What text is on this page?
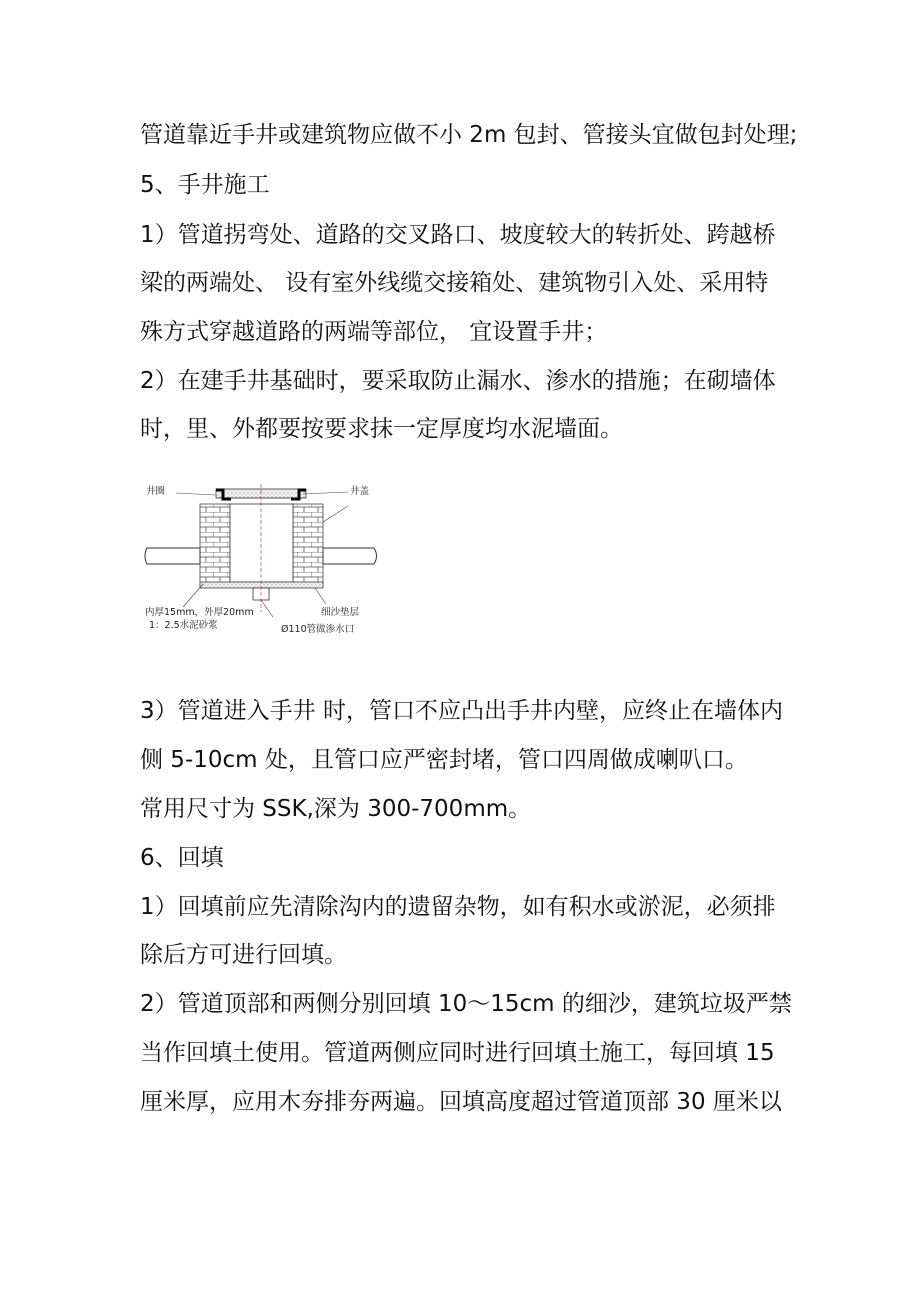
管道靠近手井或建筑物应做不小 2m 包封、管接头宜做包封处理;
5、手井施工
1）管道拐弯处、道路的交叉路口、坡度较大的转折处、跨越桥
梁的两端处、 设有室外线缆交接箱处、建筑物引入处、采用特
殊方式穿越道路的两端等部位， 宜设置手井；
2）在建手井基础时，要采取防止漏水、渗水的措施；在砌墙体
时，里、外都要按要求抹一定厚度均水泥墙面。
井圈	井盖
内厚15mm，外厚20mm
1：2.5水泥砂浆	Ø110管做渗水口
细沙垫层
3）管道进入手井 时，管口不应凸出手井内壁，应终止在墙体内
侧 5-10cm 处，且管口应严密封堵，管口四周做成喇叭口。
常用尺寸为 SSK,深为 300-700mm。
6、回填
1）回填前应先清除沟内的遗留杂物，如有积水或淤泥，必须排
除后方可进行回填。
2）管道顶部和两侧分别回填 10～15cm 的细沙，建筑垃圾严禁
当作回填土使用。管道两侧应同时进行回填土施工，每回填 15
厘米厚，应用木夯排夯两遍。回填高度超过管道顶部 30 厘米以
